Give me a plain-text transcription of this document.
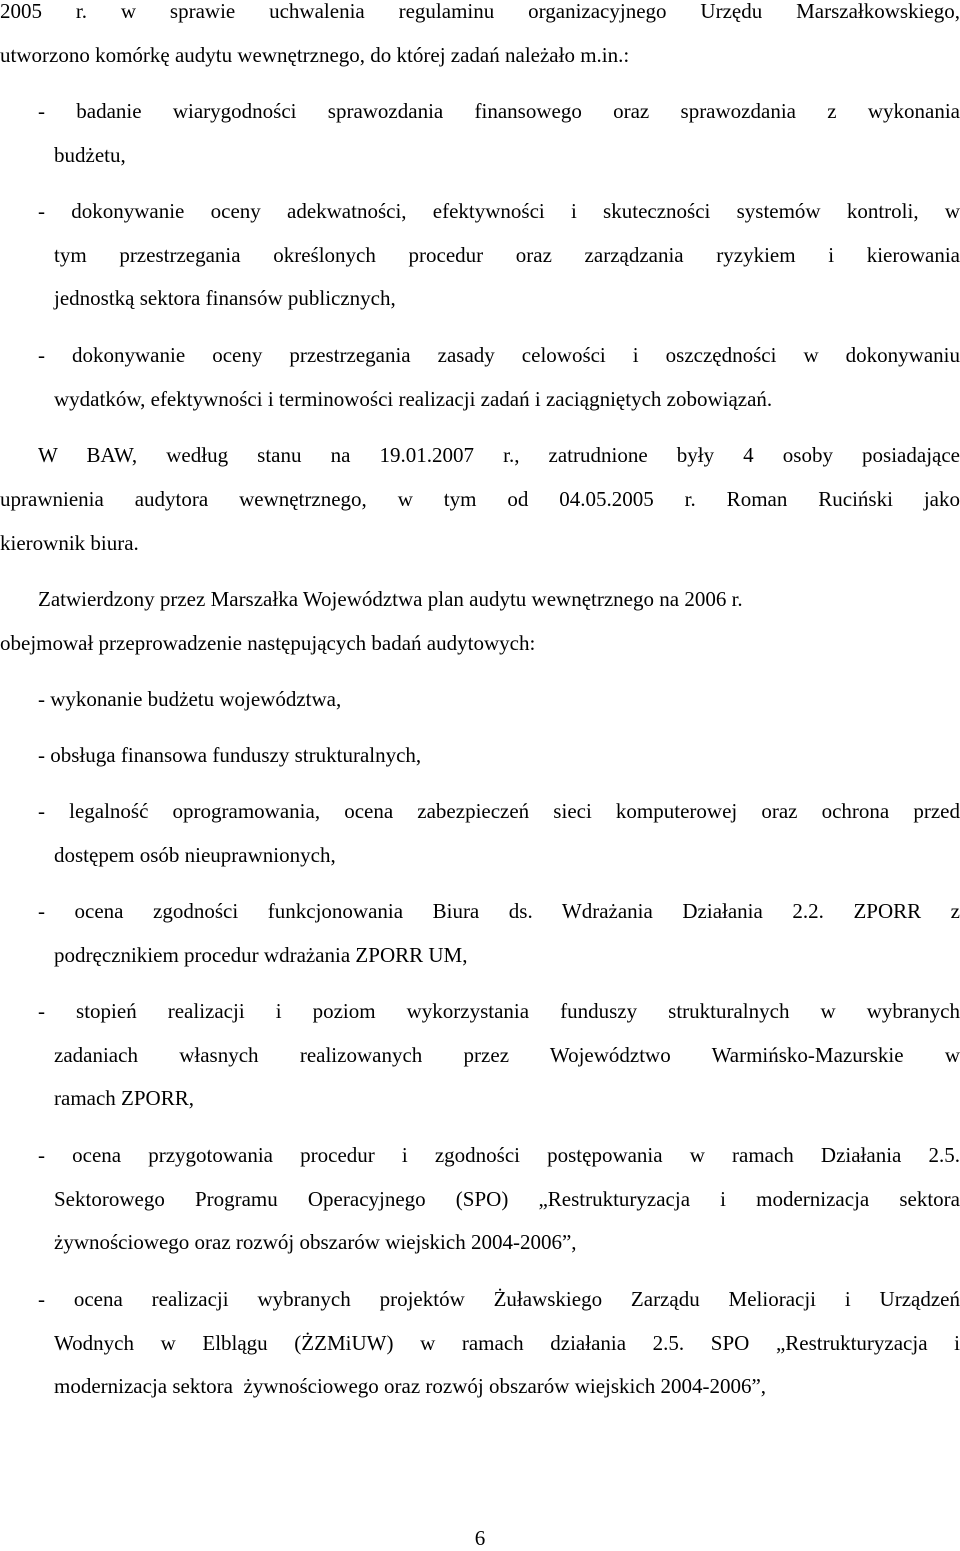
2005 r. w sprawie uchwalenia regulaminu organizacyjnego Urzędu Marszałkowskiego,
utworzono komórkę audytu wewnętrznego, do której zadań należało m.in.:
- badanie wiarygodności sprawozdania finansowego oraz sprawozdania z wykonania
budżetu,
- dokonywanie oceny adekwatności, efektywności i skuteczności systemów kontroli, w
tym przestrzegania określonych procedur oraz zarządzania ryzykiem i kierowania
jednostką sektora finansów publicznych,
- dokonywanie oceny przestrzegania zasady celowości i oszczędności w dokonywaniu
wydatków, efektywności i terminowości realizacji zadań i zaciągniętych zobowiązań.
W BAW, według stanu na 19.01.2007 r., zatrudnione były 4 osoby posiadające
uprawnienia audytora wewnętrznego, w tym od 04.05.2005 r. Roman Ruciński jako
kierownik biura.
Zatwierdzony przez Marszałka Województwa plan audytu wewnętrznego na 2006 r.
obejmował przeprowadzenie następujących badań audytowych:
- wykonanie budżetu województwa,
- obsługa finansowa funduszy strukturalnych,
- legalność oprogramowania, ocena zabezpieczeń sieci komputerowej oraz ochrona przed
dostępem osób nieuprawnionych,
- ocena zgodności funkcjonowania Biura ds. Wdrażania Działania 2.2. ZPORR z
podręcznikiem procedur wdrażania ZPORR UM,
- stopień realizacji i poziom wykorzystania funduszy strukturalnych w wybranych
zadaniach własnych realizowanych przez Województwo Warmińsko-Mazurskie w
ramach ZPORR,
- ocena przygotowania procedur i zgodności postępowania w ramach Działania 2.5.
Sektorowego Programu Operacyjnego (SPO) „Restrukturyzacja i modernizacja sektora
żywnościowego oraz rozwój obszarów wiejskich 2004-2006”,
- ocena realizacji wybranych projektów Żuławskiego Zarządu Melioracji i Urządzeń
Wodnych w Elblągu (ŻZMiUW) w ramach działania 2.5. SPO „Restrukturyzacja i
modernizacja sektora  żywnościowego oraz rozwój obszarów wiejskich 2004-2006”,
6
